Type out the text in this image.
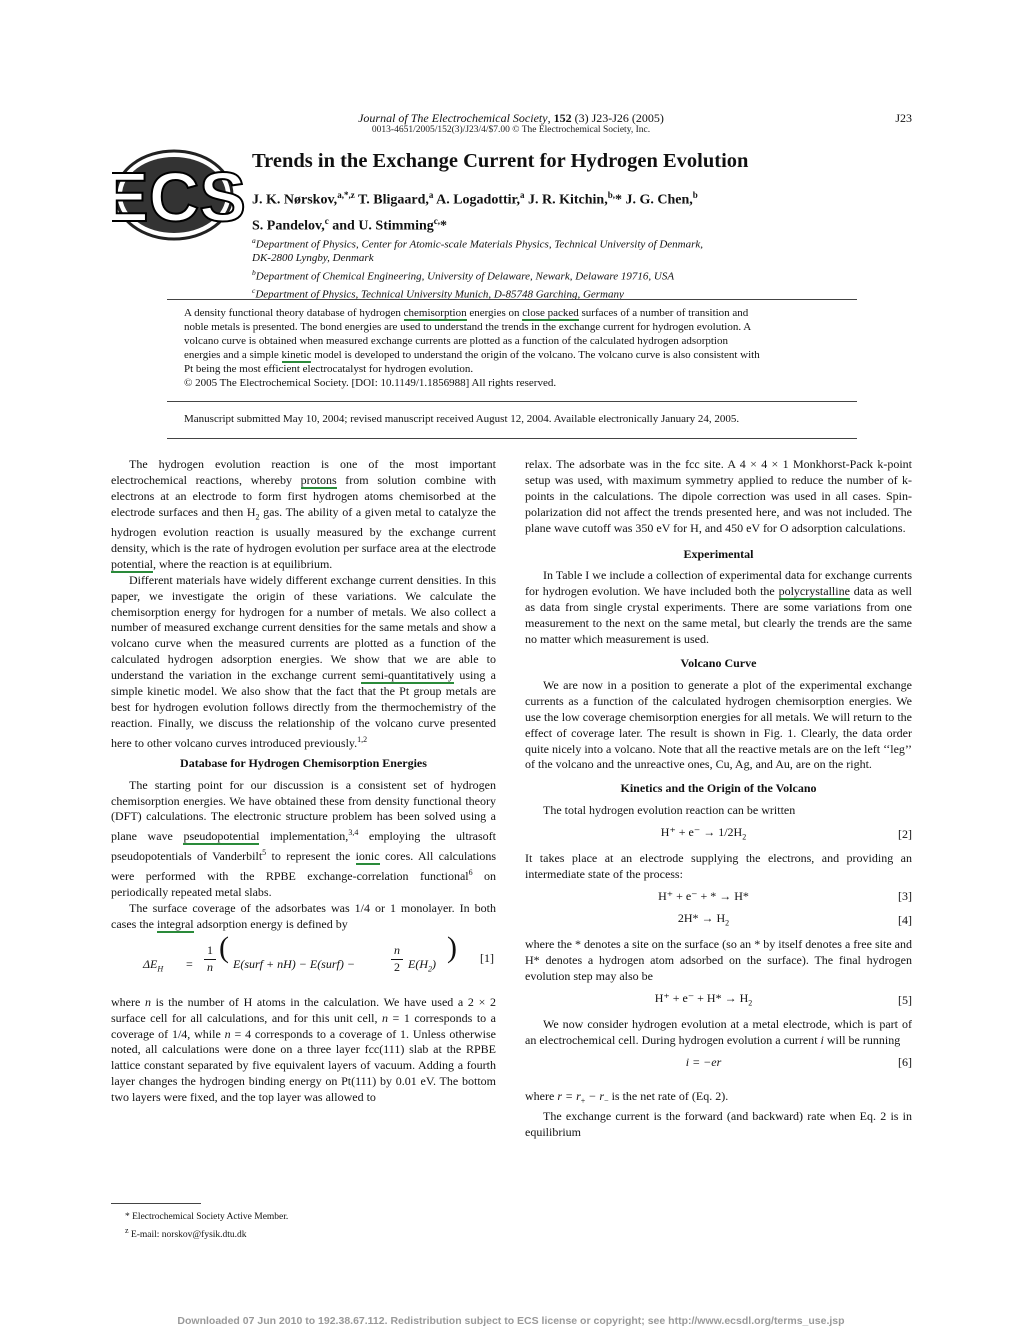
Journal of The Electrochemical Society, 152 (3) J23-J26 (2005)	J23
0013-4651/2005/152(3)/J23/4/$7.00 © The Electrochemical Society, Inc.
ECS Trends in the Exchange Current for Hydrogen Evolution
J. K. Nørskov,$^{a,*,z}$ T. Bligaard,$^a$ A. Logadottir,$^a$ J. R. Kitchin,$^{b,}$* J. G. Chen,$^b$
S. Pandelov,$^c$ and U. Stimming$^{c,}$*
$^a$Department of Physics, Center for Atomic-scale Materials Physics, Technical University of Denmark,
DK-2800 Lyngby, Denmark
$^b$Department of Chemical Engineering, University of Delaware, Newark, Delaware 19716, USA
$^c$Department of Physics, Technical University Munich, D-85748 Garching, Germany
A density functional theory database of hydrogen chemisorption energies on close packed surfaces of a number of transition and
noble metals is presented. The bond energies are used to understand the trends in the exchange current for hydrogen evolution. A
volcano curve is obtained when measured exchange currents are plotted as a function of the calculated hydrogen adsorption
energies and a simple kinetic model is developed to understand the origin of the volcano. The volcano curve is also consistent with
Pt being the most efficient electrocatalyst for hydrogen evolution.
© 2005 The Electrochemical Society. [DOI: 10.1149/1.1856988] All rights reserved.
Manuscript submitted May 10, 2004; revised manuscript received August 12, 2004. Available electronically January 24, 2005.

The hydrogen evolution reaction is one of the most important electrochemical reactions, whereby protons from solution combine with electrons at an electrode to form first hydrogen atoms chemisorbed at the electrode surfaces and then $H_2$ gas. The ability of a given metal to catalyze the hydrogen evolution reaction is usually measured by the exchange current density, which is the rate of hydrogen evolution per surface area at the electrode potential, where the reaction is at equilibrium.

Different materials have widely different exchange current densities. In this paper, we investigate the origin of these variations. We calculate the chemisorption energy for hydrogen for a number of metals. We also collect a number of measured exchange current densities for the same metals and show a volcano curve when the measured currents are plotted as a function of the calculated hydrogen adsorption energies. We show that we are able to understand the variation in the exchange current semi-quantitatively using a simple kinetic model. We also show that the fact that the Pt group metals are best for hydrogen evolution follows directly from the thermochemistry of the reaction. Finally, we discuss the relationship of the volcano curve presented here to other volcano curves introduced previously.$^{1,2}$

Database for Hydrogen Chemisorption Energies

The starting point for our discussion is a consistent set of hydrogen chemisorption energies. We have obtained these from density functional theory (DFT) calculations. The electronic structure problem has been solved using a plane wave pseudopotential implementation,$^{3,4}$ employing the ultrasoft pseudopotentials of Vanderbilt$^5$ to represent the ionic cores. All calculations were performed with the RPBE exchange-correlation functional$^6$ on periodically repeated metal slabs.

The surface coverage of the adsorbates was 1/4 or 1 monolayer. In both cases the integral adsorption energy is defined by

$\Delta E_H$ =
1
n
( E(surf + nH) − E(surf) −
n
2 $E(H_2)$ ) [1]

where n is the number of H atoms in the calculation. We have used a 2 × 2 surface cell for all calculations, and for this unit cell, n = 1 corresponds to a coverage of 1/4, while n = 4 corresponds to a coverage of 1. Unless otherwise noted, all calculations were done on a three layer fcc(111) slab at the RPBE lattice constant separated by five equivalent layers of vacuum. Adding a fourth layer changes the hydrogen binding energy on Pt(111) by 0.01 eV. The bottom two layers were fixed, and the top layer was allowed to

relax. The adsorbate was in the fcc site. A 4 × 4 × 1 Monkhorst-Pack k-point setup was used, with maximum symmetry applied to reduce the number of k-points in the calculations. The dipole correction was used in all cases. Spin-polarization did not affect the trends presented here, and was not included. The plane wave cutoff was 350 eV for H, and 450 eV for O adsorption calculations.

Experimental

In Table I we include a collection of experimental data for exchange currents for hydrogen evolution. We have included both the polycrystalline data as well as data from single crystal experiments. There are some variations from one measurement to the next on the same metal, but clearly the trends are the same no matter which measurement is used.

Volcano Curve

We are now in a position to generate a plot of the experimental exchange currents as a function of the calculated hydrogen chemisorption energies. We use the low coverage chemisorption energies for all metals. We will return to the effect of coverage later. The result is shown in Fig. 1. Clearly, the data order quite nicely into a volcano. Note that all the reactive metals are on the left ‘‘leg’’ of the volcano and the unreactive ones, Cu, Ag, and Au, are on the right.

Kinetics and the Origin of the Volcano

The total hydrogen evolution reaction can be written

$H^+ + e^- \to 1/2H_2$	[2]

It takes place at an electrode supplying the electrons, and providing an intermediate state of the process:

H⁺ + e⁻ + * → H*	[3]
$2H* \to H_2$	[4]

where the * denotes a site on the surface (so an * by itself denotes a free site and H* denotes a hydrogen atom adsorbed on the surface). The final hydrogen evolution step may also be

$H^+ + e^- + H* \to H_2$	[5]

We now consider hydrogen evolution at a metal electrode, which is part of an electrochemical cell. During hydrogen evolution a current i will be running

i = −er	[6]

where $r = r_+ - r_-$ is the net rate of (Eq. 2).

The exchange current is the forward (and backward) rate when Eq. 2 is in equilibrium

* Electrochemical Society Active Member.
$^z$ E-mail: norskov@fysik.dtu.dk
Downloaded 07 Jun 2010 to 192.38.67.112. Redistribution subject to ECS license or copyright; see http://www.ecsdl.org/terms_use.jsp
